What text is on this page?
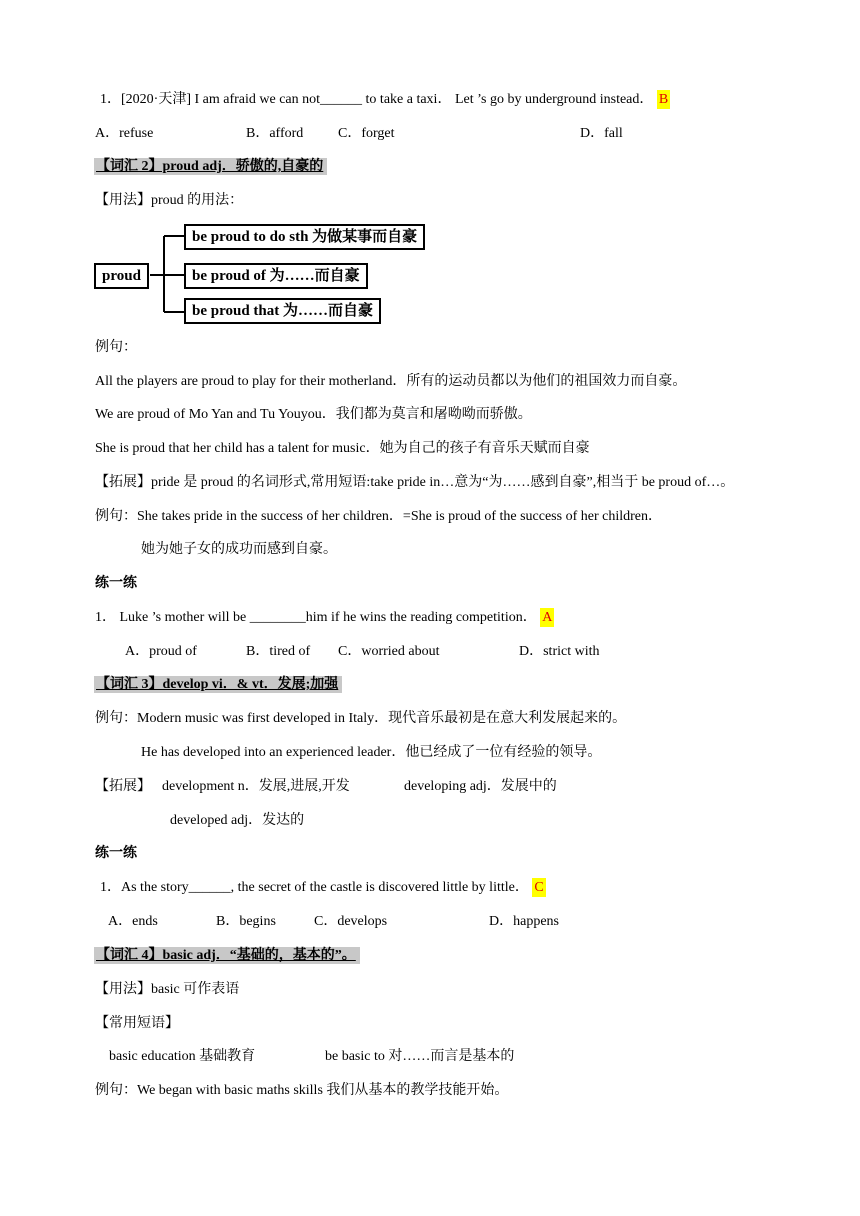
1．[2020·天津] I am afraid we can not______ to take a taxi． Let ’s go by underground instead． B
A．refuse	B．afford C．forget	D．fall
【词汇 2】proud adj．骄傲的,自豪的
【用法】proud 的用法：
proud
be proud to do sth 为做某事而自豪
be proud of 为……而自豪
be proud that 为……而自豪
例句：
All the players are proud to play for their motherland．所有的运动员都以为他们的祖国效力而自豪。
We are proud of Mo Yan and Tu Youyou．我们都为莫言和屠呦呦而骄傲。
She is proud that her child has a talent for music．她为自己的孩子有音乐天赋而自豪
【拓展】pride 是 proud 的名词形式,常用短语:take pride in…意为“为……感到自豪”,相当于 be proud of…。
例句：She takes pride in the success of her children．=She is proud of the success of her children．
她为她子女的成功而感到自豪。
练一练
1． Luke ’s mother will be ________him if he wins the reading competition． A
A．proud of	B．tired of C．worried about	D．strict with
【词汇 3】develop vi．& vt．发展;加强
例句：Modern music was first developed in Italy．现代音乐最初是在意大利发展起来的。
He has developed into an experienced leader．他已经成了一位有经验的领导。
【拓展】 development n．发展,进展,开发	developing adj．发展中的
developed adj．发达的
练一练
1．As the story______, the secret of the castle is discovered little by little． C
A．ends	B．begins	C．develops	D．happens
【词汇 4】basic adj．“基础的，基本的”。
【用法】basic 可作表语
【常用短语】
basic education 基础教育	be basic to 对……而言是基本的
例句：We began with basic maths skills 我们从基本的教学技能开始。
